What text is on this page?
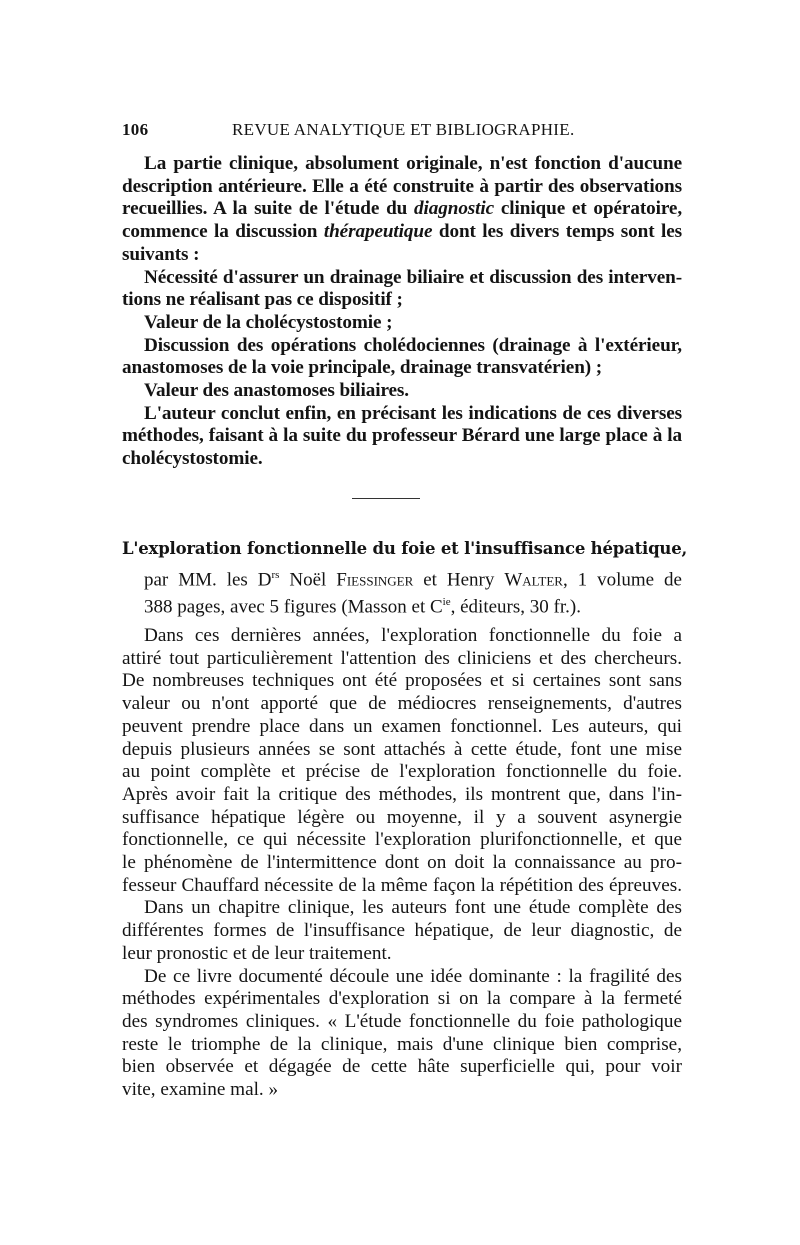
106	REVUE ANALYTIQUE ET BIBLIOGRAPHIE.
La partie clinique, absolument originale, n'est fonction d'aucune
description antérieure. Elle a été construite à partir des observations
recueillies. A la suite de l'étude du diagnostic clinique et opératoire,
commence la discussion thérapeutique dont les divers temps sont les
suivants :
Nécessité d'assurer un drainage biliaire et discussion des interven-
tions ne réalisant pas ce dispositif ;
Valeur de la cholécystostomie ;
Discussion des opérations cholédociennes (drainage à l'extérieur,
anastomoses de la voie principale, drainage transvatérien) ;
Valeur des anastomoses biliaires.
L'auteur conclut enfin, en précisant les indications de ces diverses
méthodes, faisant à la suite du professeur Bérard une large place à la
cholécystostomie.
L'exploration fonctionnelle du foie et l'insuffisance hépatique,
par MM. les $D^{rs}$ Noël Fiessinger et Henry Walter, 1 volume de
388 pages, avec 5 figures (Masson et $C^{ie}$, éditeurs, 30 fr.).
Dans ces dernières années, l'exploration fonctionnelle du foie a
attiré tout particulièrement l'attention des cliniciens et des chercheurs.
De nombreuses techniques ont été proposées et si certaines sont sans
valeur ou n'ont apporté que de médiocres renseignements, d'autres
peuvent prendre place dans un examen fonctionnel. Les auteurs, qui
depuis plusieurs années se sont attachés à cette étude, font une mise
au point complète et précise de l'exploration fonctionnelle du foie.
Après avoir fait la critique des méthodes, ils montrent que, dans l'in-
suffisance hépatique légère ou moyenne, il y a souvent asynergie
fonctionnelle, ce qui nécessite l'exploration plurifonctionnelle, et que
le phénomène de l'intermittence dont on doit la connaissance au pro-
fesseur Chauffard nécessite de la même façon la répétition des épreuves.
Dans un chapitre clinique, les auteurs font une étude complète des
différentes formes de l'insuffisance hépatique, de leur diagnostic, de
leur pronostic et de leur traitement.
De ce livre documenté découle une idée dominante : la fragilité des
méthodes expérimentales d'exploration si on la compare à la fermeté
des syndromes cliniques. « L'étude fonctionnelle du foie pathologique
reste le triomphe de la clinique, mais d'une clinique bien comprise,
bien observée et dégagée de cette hâte superficielle qui, pour voir
vite, examine mal. »
